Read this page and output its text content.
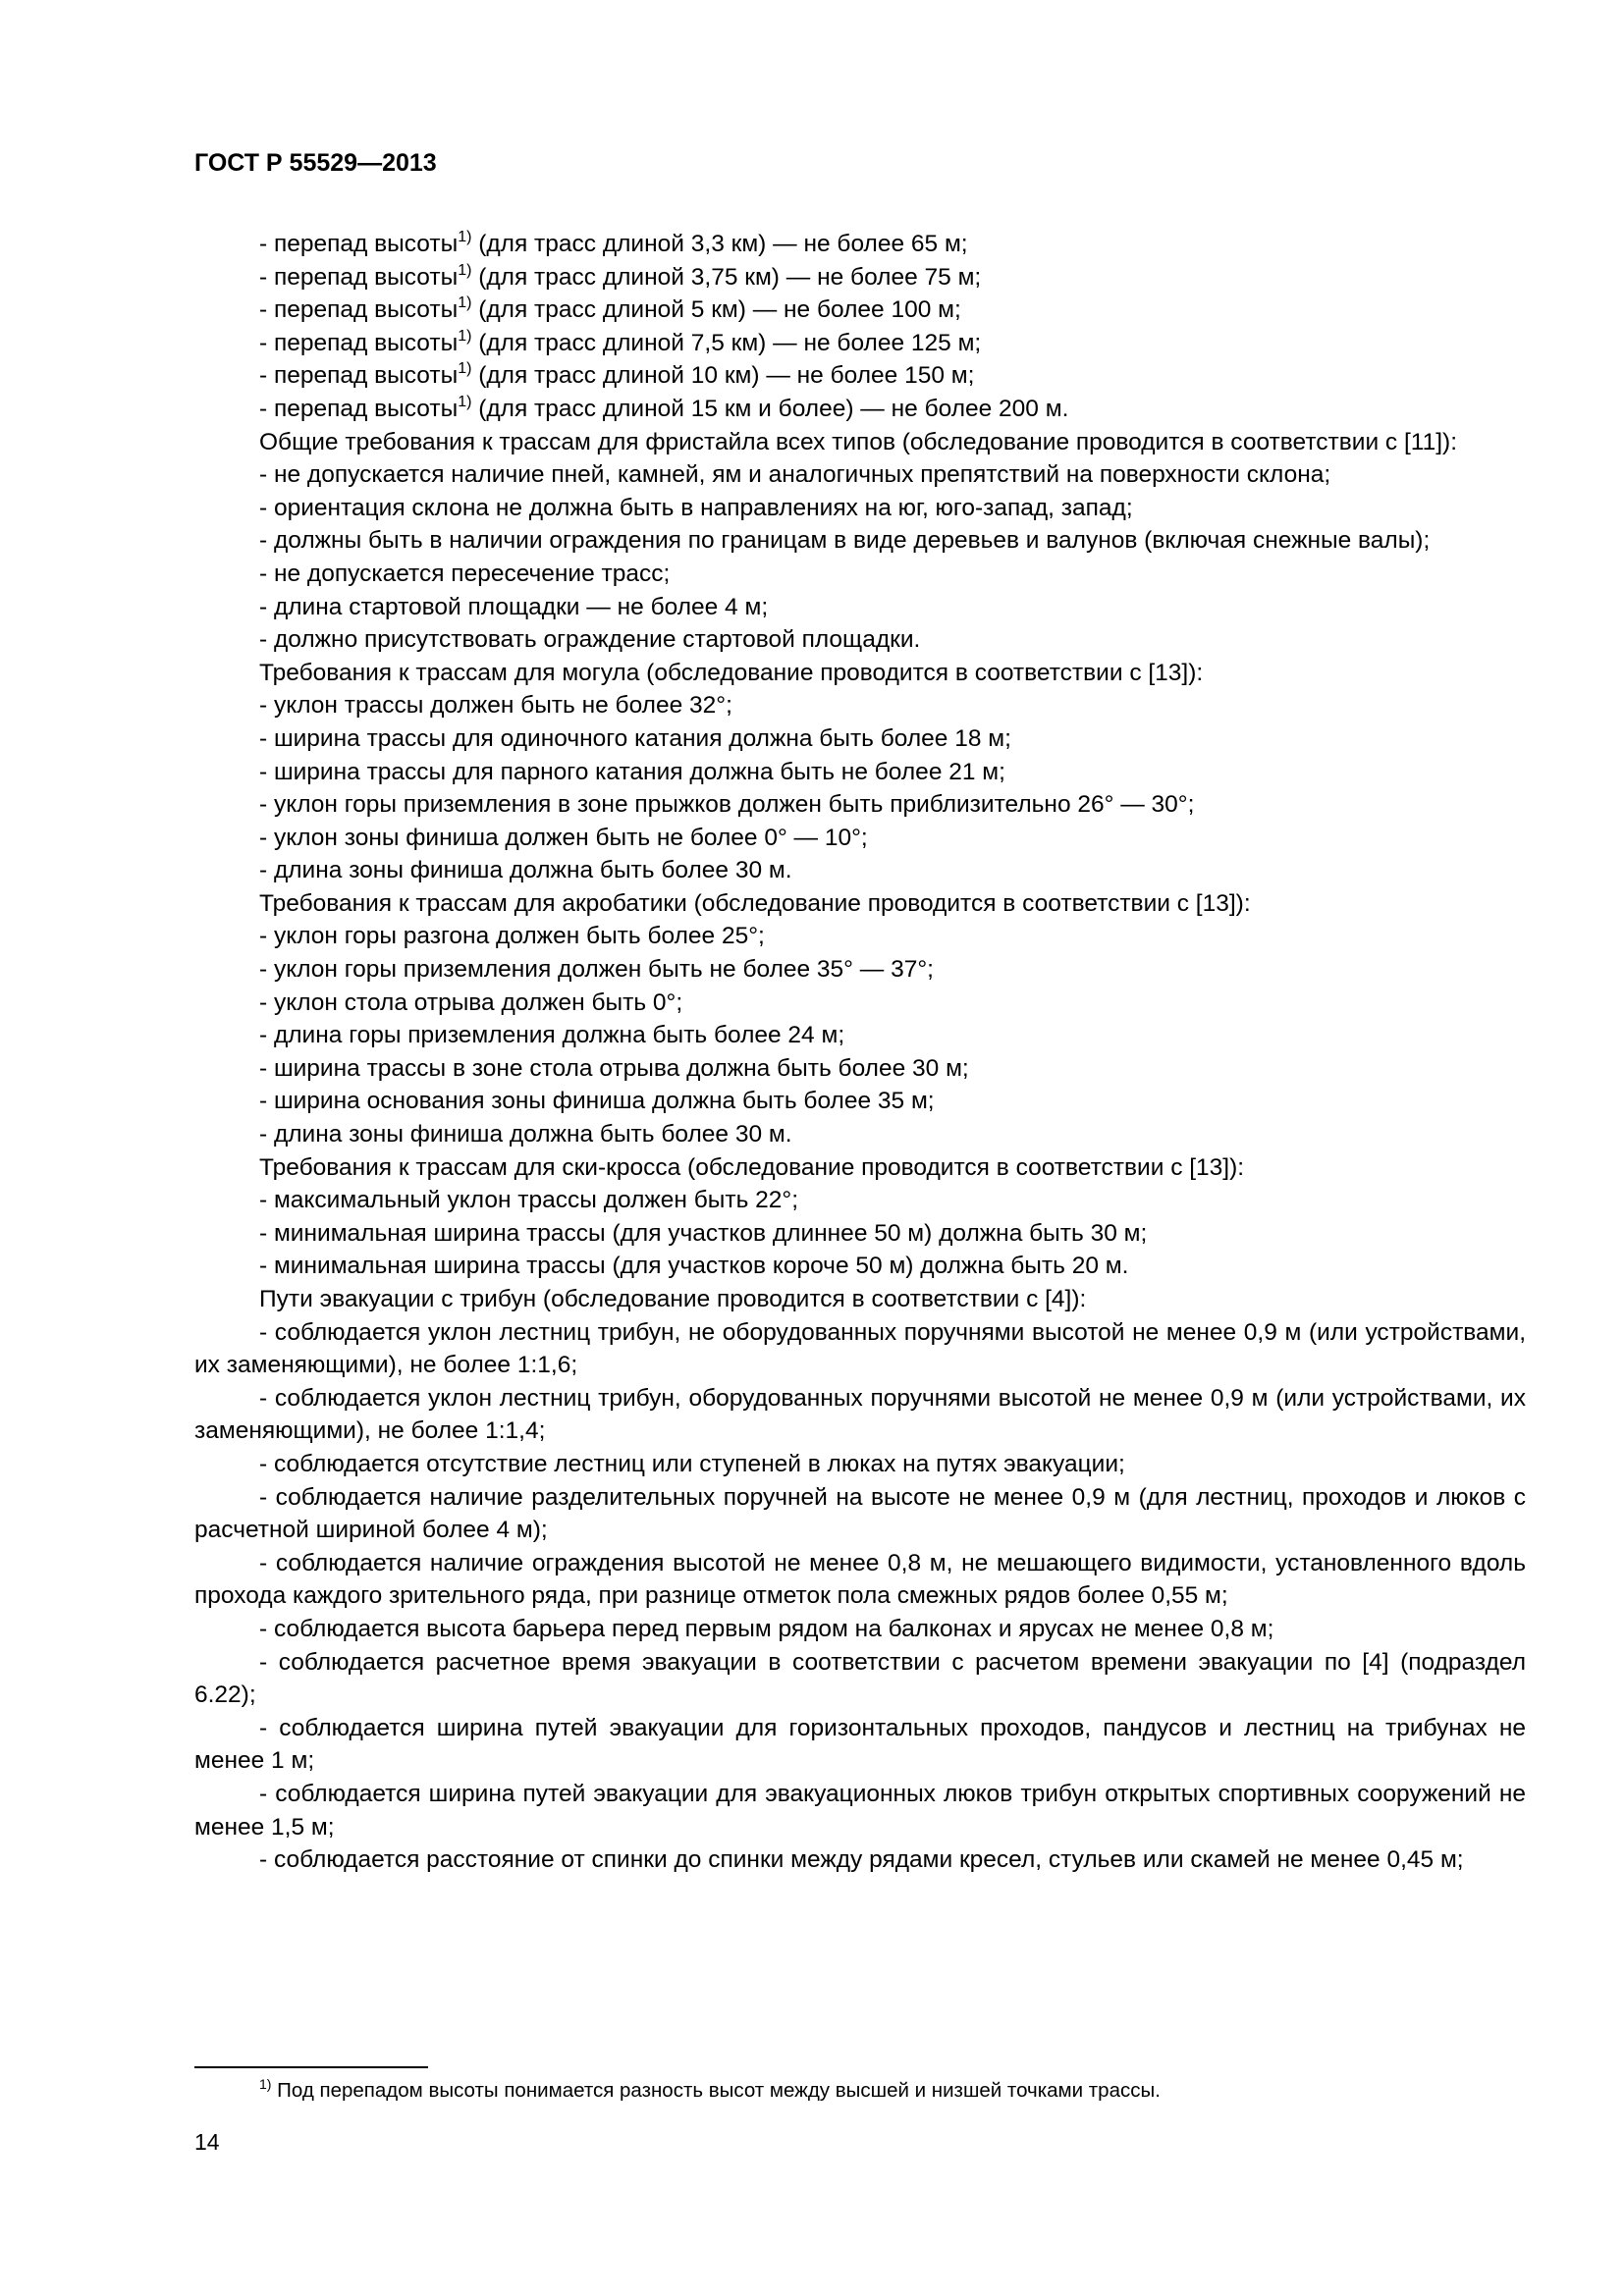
ГОСТ Р 55529—2013

- перепад высоты$^{1)}$ (для трасс длиной 3,3 км) — не более 65 м;

- перепад высоты$^{1)}$ (для трасс длиной 3,75 км) — не более 75 м;

- перепад высоты$^{1)}$ (для трасс длиной 5 км) — не более 100 м;

- перепад высоты$^{1)}$ (для трасс длиной 7,5 км) — не более 125 м;

- перепад высоты$^{1)}$ (для трасс длиной 10 км) — не более 150 м;

- перепад высоты$^{1)}$ (для трасс длиной 15 км и более) — не более 200 м.

Общие требования к трассам для фристайла всех типов (обследование проводится в соответствии с [11]):

- не допускается наличие пней, камней, ям и аналогичных препятствий на поверхности склона;

- ориентация склона не должна быть в направлениях на юг, юго-запад, запад;

- должны быть в наличии ограждения по границам в виде деревьев и валунов (включая снежные валы);

- не допускается пересечение трасс;

- длина стартовой площадки — не более 4 м;

- должно присутствовать ограждение стартовой площадки.

Требования к трассам для могула (обследование проводится в соответствии с [13]):

- уклон трассы должен быть не более 32°;

- ширина трассы для одиночного катания должна быть более 18 м;

- ширина трассы для парного катания должна быть не более 21 м;

- уклон горы приземления в зоне прыжков должен быть приблизительно 26° — 30°;

- уклон зоны финиша должен быть не более 0° — 10°;

- длина зоны финиша должна быть более 30 м.

Требования к трассам для акробатики (обследование проводится в соответствии с [13]):

- уклон горы разгона должен быть более 25°;

- уклон горы приземления должен быть не более 35° — 37°;

- уклон стола отрыва должен быть 0°;

- длина горы приземления должна быть более 24 м;

- ширина трассы в зоне стола отрыва должна быть более 30 м;

- ширина основания зоны финиша должна быть более 35 м;

- длина зоны финиша должна быть более 30 м.

Требования к трассам для ски-кросса (обследование проводится в соответствии с [13]):

- максимальный уклон трассы должен быть 22°;

- минимальная ширина трассы (для участков длиннее 50 м) должна быть 30 м;

- минимальная ширина трассы (для участков короче 50 м) должна быть 20 м.

Пути эвакуации с трибун (обследование проводится в соответствии с [4]):

- соблюдается уклон лестниц трибун, не оборудованных поручнями высотой не менее 0,9 м (или устройствами, их заменяющими), не более 1:1,6;

- соблюдается уклон лестниц трибун, оборудованных поручнями высотой не менее 0,9 м (или устройствами, их заменяющими), не более 1:1,4;

- соблюдается отсутствие лестниц или ступеней в люках на путях эвакуации;

- соблюдается наличие разделительных поручней на высоте не менее 0,9 м (для лестниц, проходов и люков с расчетной шириной более 4 м);

- соблюдается наличие ограждения высотой не менее 0,8 м, не мешающего видимости, установленного вдоль прохода каждого зрительного ряда, при разнице отметок пола смежных рядов более 0,55 м;

- соблюдается высота барьера перед первым рядом на балконах и ярусах не менее 0,8 м;

- соблюдается расчетное время эвакуации в соответствии с расчетом времени эвакуации по [4] (подраздел 6.22);

- соблюдается ширина путей эвакуации для горизонтальных проходов, пандусов и лестниц на трибунах не менее 1 м;

- соблюдается ширина путей эвакуации для эвакуационных люков трибун открытых спортивных сооружений не менее 1,5 м;

- соблюдается расстояние от спинки до спинки между рядами кресел, стульев или скамей не менее 0,45 м;

$^{1)}$ Под перепадом высоты понимается разность высот между высшей и низшей точками трассы.
14
